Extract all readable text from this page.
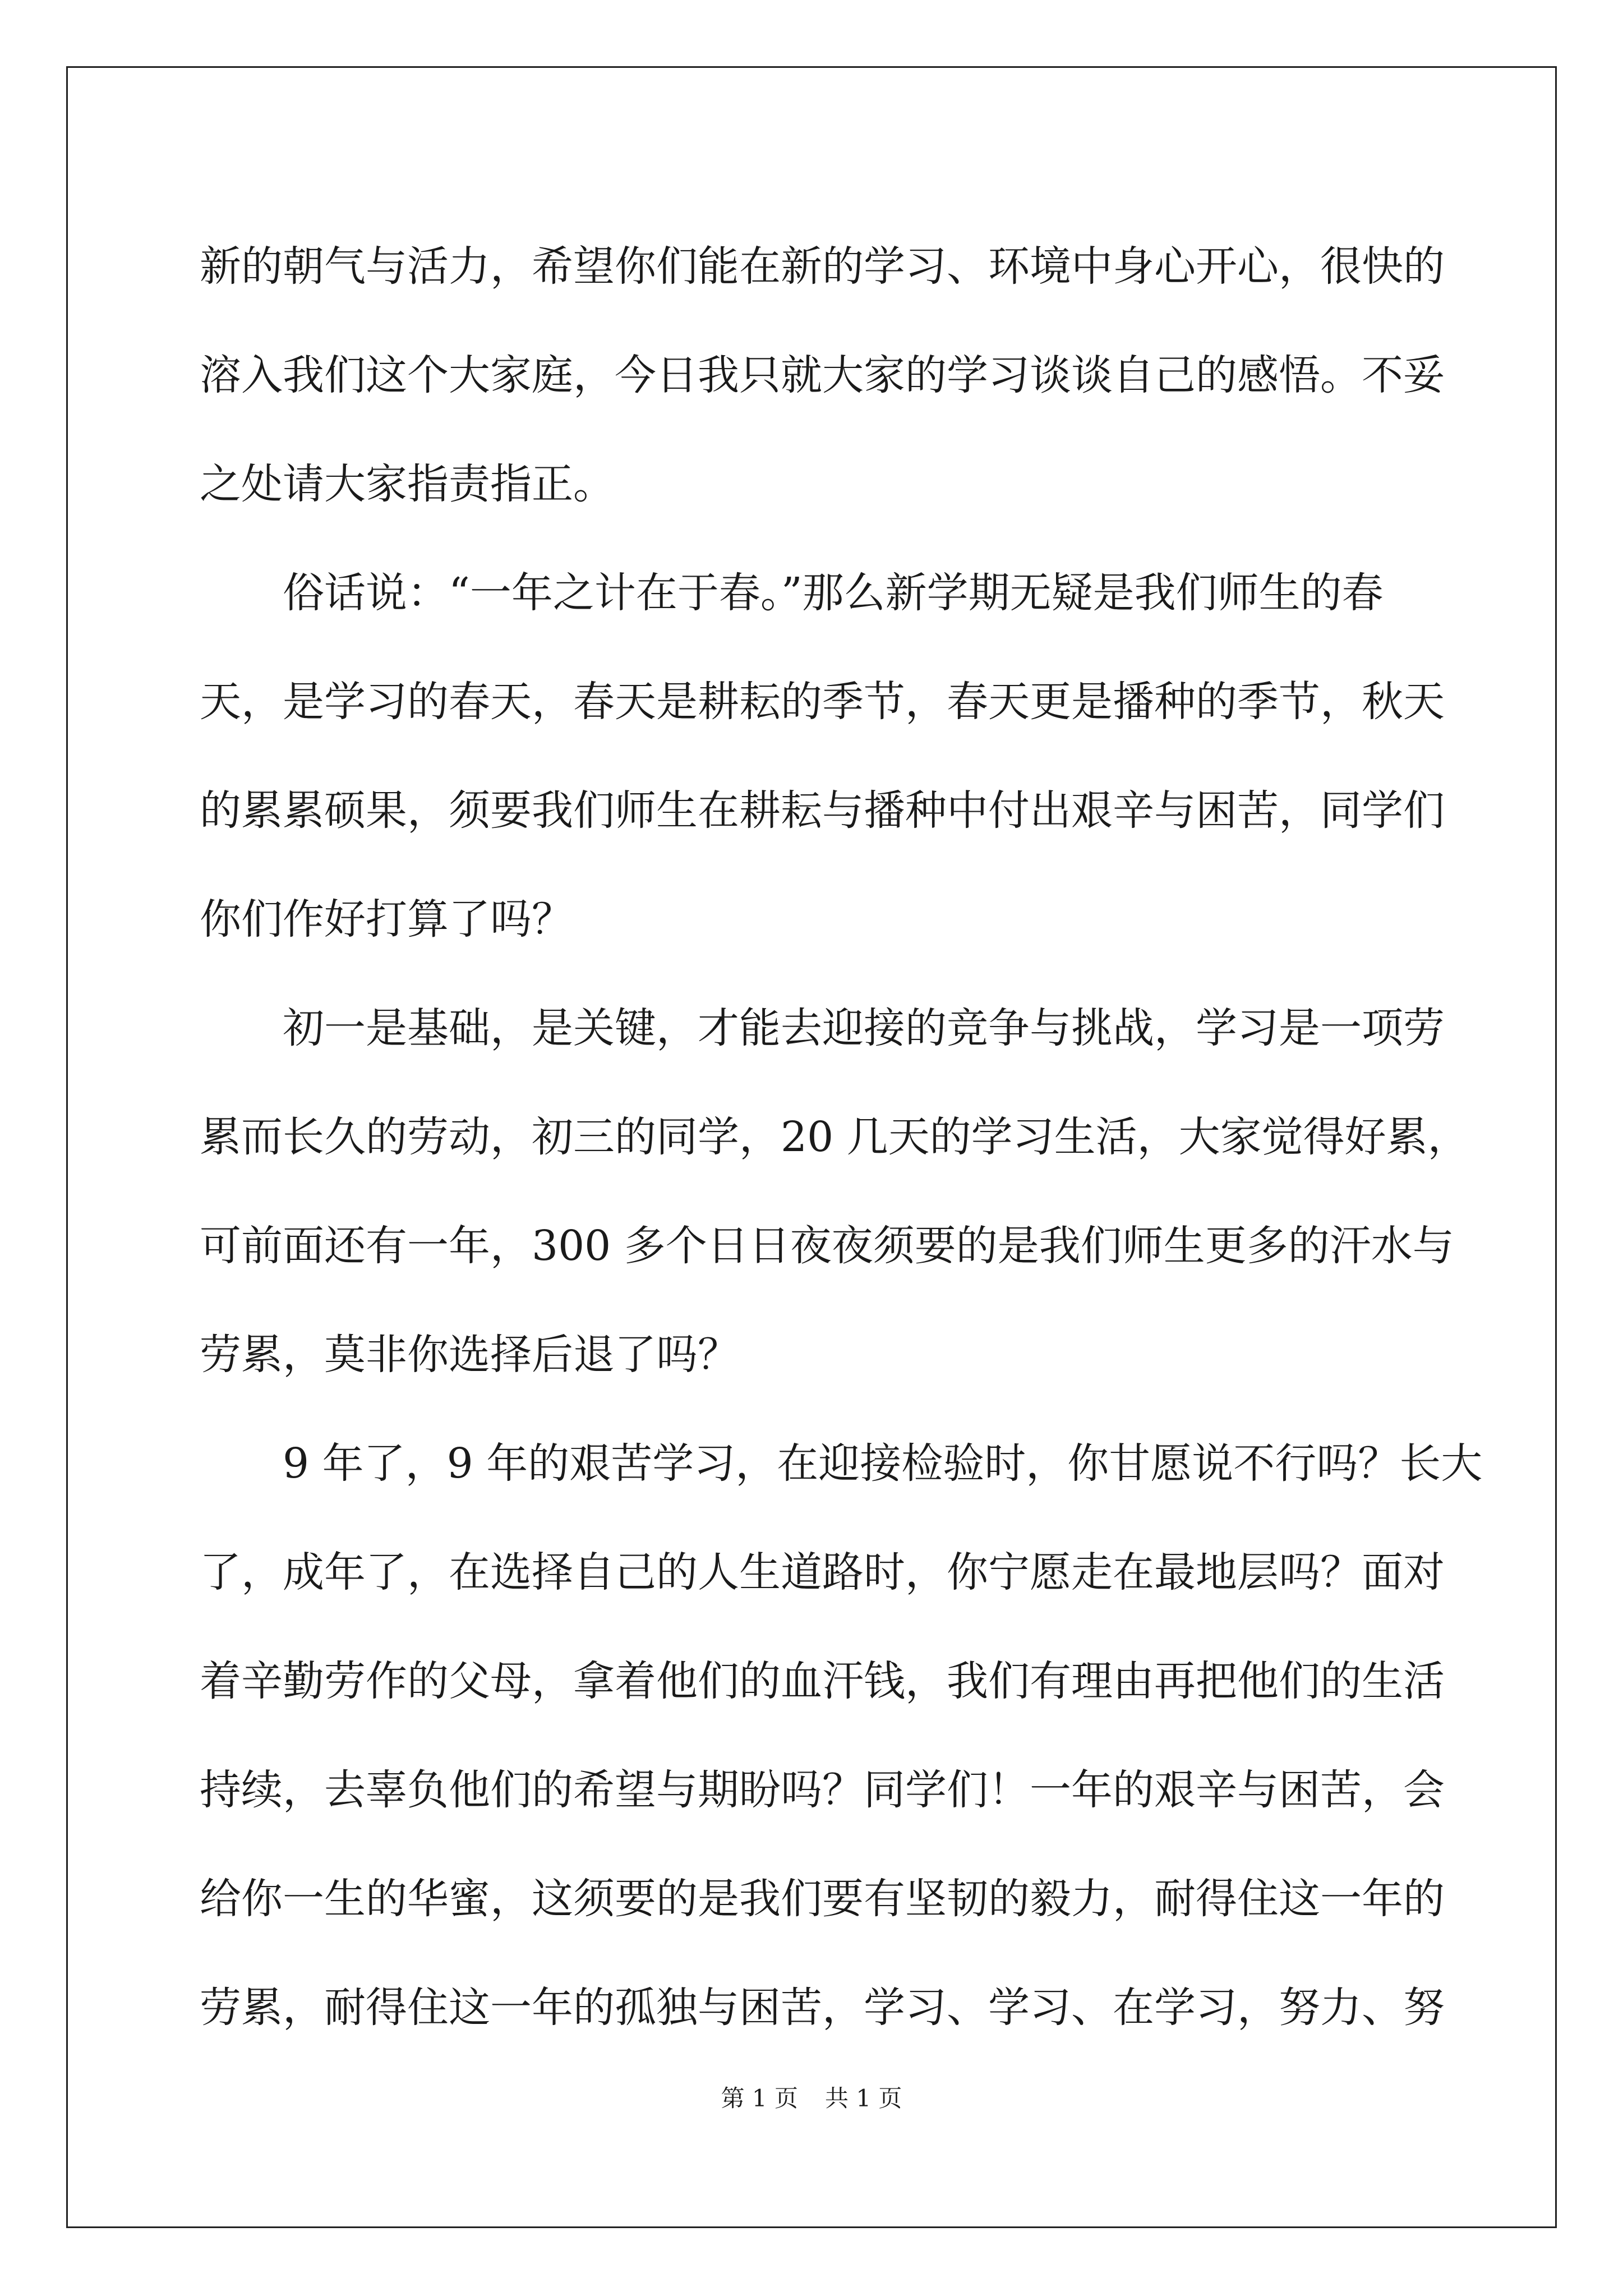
新的朝气与活力，希望你们能在新的学习、环境中身心开心，很快的
溶入我们这个大家庭，今日我只就大家的学习谈谈自己的感悟。不妥
之处请大家指责指正。
俗话说：“一年之计在于春。”那么新学期无疑是我们师生的春
天，是学习的春天，春天是耕耘的季节，春天更是播种的季节，秋天
的累累硕果，须要我们师生在耕耘与播种中付出艰辛与困苦，同学们
你们作好打算了吗？
初一是基础，是关键，才能去迎接的竞争与挑战，学习是一项劳
累而长久的劳动，初三的同学，20 几天的学习生活，大家觉得好累，
可前面还有一年，300 多个日日夜夜须要的是我们师生更多的汗水与
劳累，莫非你选择后退了吗？
9 年了，9 年的艰苦学习，在迎接检验时，你甘愿说不行吗？长大
了，成年了，在选择自己的人生道路时，你宁愿走在最地层吗？面对
着辛勤劳作的父母，拿着他们的血汗钱，我们有理由再把他们的生活
持续，去辜负他们的希望与期盼吗？同学们！一年的艰辛与困苦，会
给你一生的华蜜，这须要的是我们要有坚韧的毅力，耐得住这一年的
劳累，耐得住这一年的孤独与困苦，学习、学习、在学习，努力、努
第 1 页 共 1 页
